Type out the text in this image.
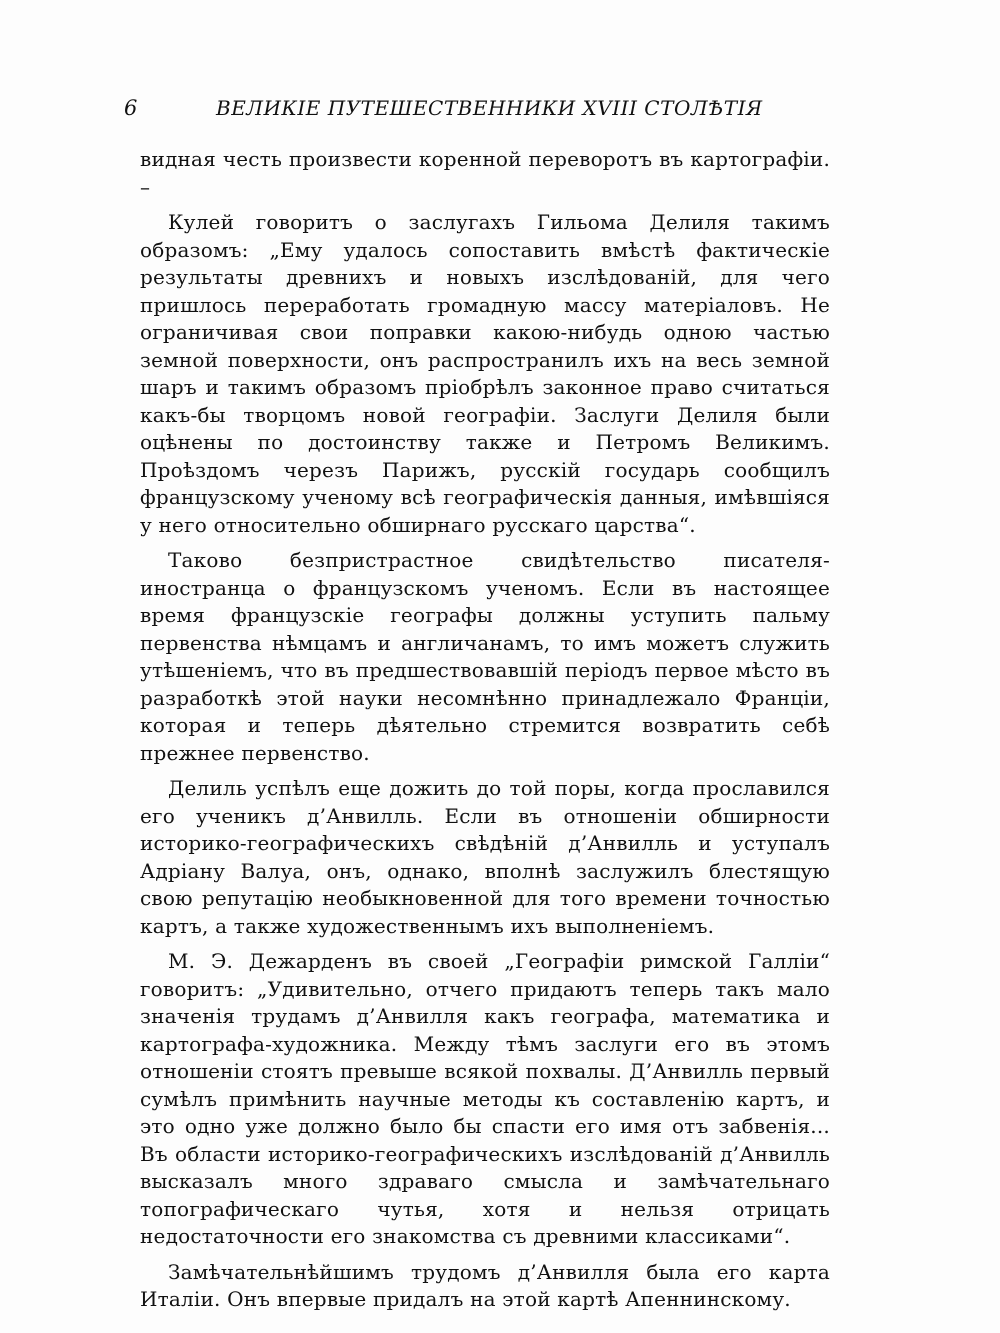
6	ВЕЛИКIЕ ПУТЕШЕСТВЕННИКИ XVIII СТОЛѢТIЯ

видная честь произвести коренной переворотъ въ картографiи. –

Кулей говоритъ о заслугахъ Гильома Делиля такимъ образомъ: „Ему удалось сопоставить вмѣстѣ фактическiе результаты древнихъ и новыхъ изслѣдованiй, для чего пришлось переработать громадную массу матерiаловъ. Не ограничивая свои поправки какою-нибудь одною частью земной поверхности, онъ распространилъ ихъ на весь земной шаръ и такимъ образомъ прiобрѣлъ законное право считаться какъ-бы творцомъ новой географiи. Заслуги Делиля были оцѣнены по достоинству также и Петромъ Великимъ. Проѣздомъ черезъ Парижъ, русскiй государь сообщилъ французскому ученому всѣ географическiя данныя, имѣвшiяся у него относительно обширнаго русскаго царства“.

Таково безпристрастное свидѣтельство писателя-иностранца о французскомъ ученомъ. Если въ настоящее время французскiе географы должны уступить пальму первенства нѣмцамъ и англичанамъ, то имъ можетъ служить утѣшенiемъ, что въ предшествовавшiй перiодъ первое мѣсто въ разработкѣ этой науки несомнѣнно принадлежало Францiи, которая и теперь дѣятельно стремится возвратить себѣ прежнее первенство.

Делиль успѣлъ еще дожить до той поры, когда прославился его ученикъ д’Анвилль. Если въ отношенiи обширности историко-географическихъ свѣдѣнiй д’Анвилль и уступалъ Адрiану Валуа, онъ, однако, вполнѣ заслужилъ блестящую свою репутацiю необыкновенной для того времени точностью картъ, а также художественнымъ ихъ выполненiемъ.

М. Э. Дежарденъ въ своей „Географiи римской Галлiи“ говоритъ: „Удивительно, отчего придаютъ теперь такъ мало значенiя трудамъ д’Анвилля какъ географа, математика и картографа-художника. Между тѣмъ заслуги его въ этомъ отношенiи стоятъ превыше всякой похвалы. Д’Анвилль первый сумѣлъ примѣнить научные методы къ составленiю картъ, и это одно уже должно было бы спасти его имя отъ забвенiя... Въ области историко-географическихъ изслѣдованiй д’Анвилль высказалъ много здраваго смысла и замѣчательнаго топографическаго чутья, хотя и нельзя отрицать недостаточности его знакомства съ древними классиками“.

Замѣчательнѣйшимъ трудомъ д’Анвилля была его карта Италiи. Онъ впервые придалъ на этой картѣ Апеннинскому.
